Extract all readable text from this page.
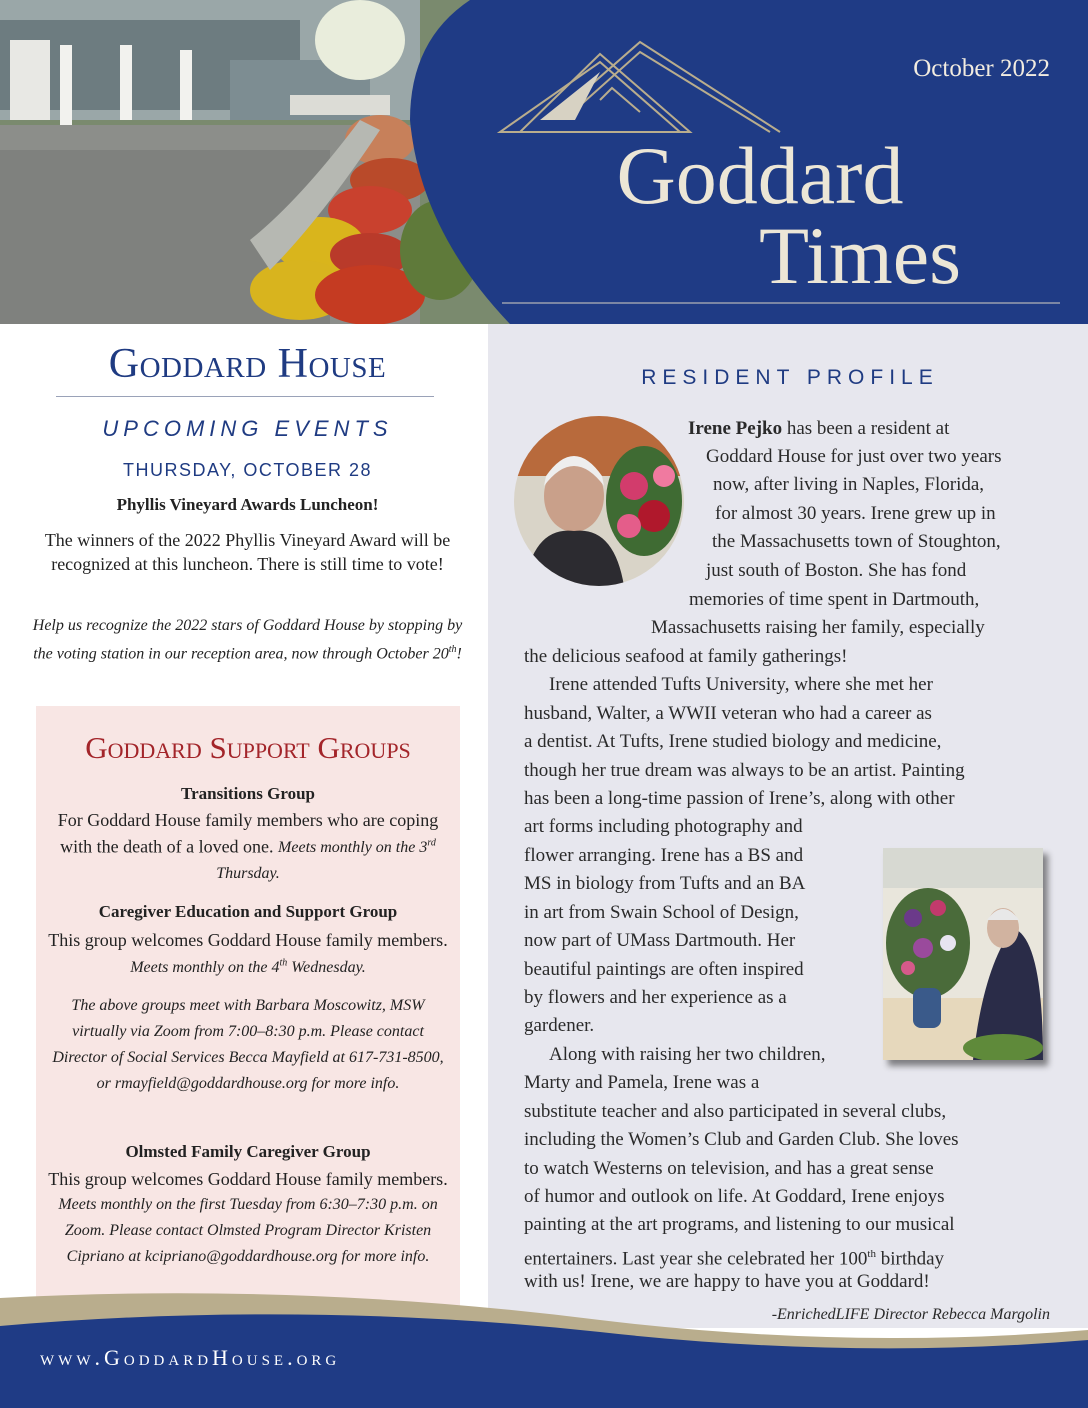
October 2022
Goddard
Times
Goddard House
UPCOMING EVENTS
THURSDAY, OCTOBER 28
Phyllis Vineyard Awards Luncheon!
The winners of the 2022 Phyllis Vineyard Award will be recognized at this luncheon. There is still time to vote!
Help us recognize the 2022 stars of Goddard House by stopping by the voting station in our reception area, now through October 20th!
Goddard Support Groups
Transitions Group
For Goddard House family members who are coping with the death of a loved one. Meets monthly on the 3rd Thursday.
Caregiver Education and Support Group
This group welcomes Goddard House family members. Meets monthly on the 4th Wednesday.
The above groups meet with Barbara Moscowitz, MSW virtually via Zoom from 7:00–8:30 p.m. Please contact Director of Social Services Becca Mayfield at 617-731-8500, or rmayfield@goddardhouse.org for more info.
Olmsted Family Caregiver Group
This group welcomes Goddard House family members. Meets monthly on the first Tuesday from 6:30–7:30 p.m. on Zoom. Please contact Olmsted Program Director Kristen Cipriano at kcipriano@goddardhouse.org for more info.
RESIDENT PROFILE
Irene Pejko has been a resident at
Goddard House for just over two years
now, after living in Naples, Florida,
for almost 30 years. Irene grew up in
the Massachusetts town of Stoughton,
just south of Boston. She has fond
memories of time spent in Dartmouth,
Massachusetts raising her family, especially
the delicious seafood at family gatherings!
Irene attended Tufts University, where she met her
husband, Walter, a WWII veteran who had a career as
a dentist. At Tufts, Irene studied biology and medicine,
though her true dream was always to be an artist. Painting
has been a long-time passion of Irene’s, along with other
art forms including photography and
flower arranging. Irene has a BS and
MS in biology from Tufts and an BA
in art from Swain School of Design,
now part of UMass Dartmouth. Her
beautiful paintings are often inspired
by flowers and her experience as a
gardener.
Along with raising her two children,
Marty and Pamela, Irene was a
substitute teacher and also participated in several clubs,
including the Women’s Club and Garden Club. She loves
to watch Westerns on television, and has a great sense
of humor and outlook on life. At Goddard, Irene enjoys
painting at the art programs, and listening to our musical
entertainers. Last year she celebrated her 100th birthday
with us! Irene, we are happy to have you at Goddard!
-EnrichedLIFE Director Rebecca Margolin
www.GoddardHouse.org
